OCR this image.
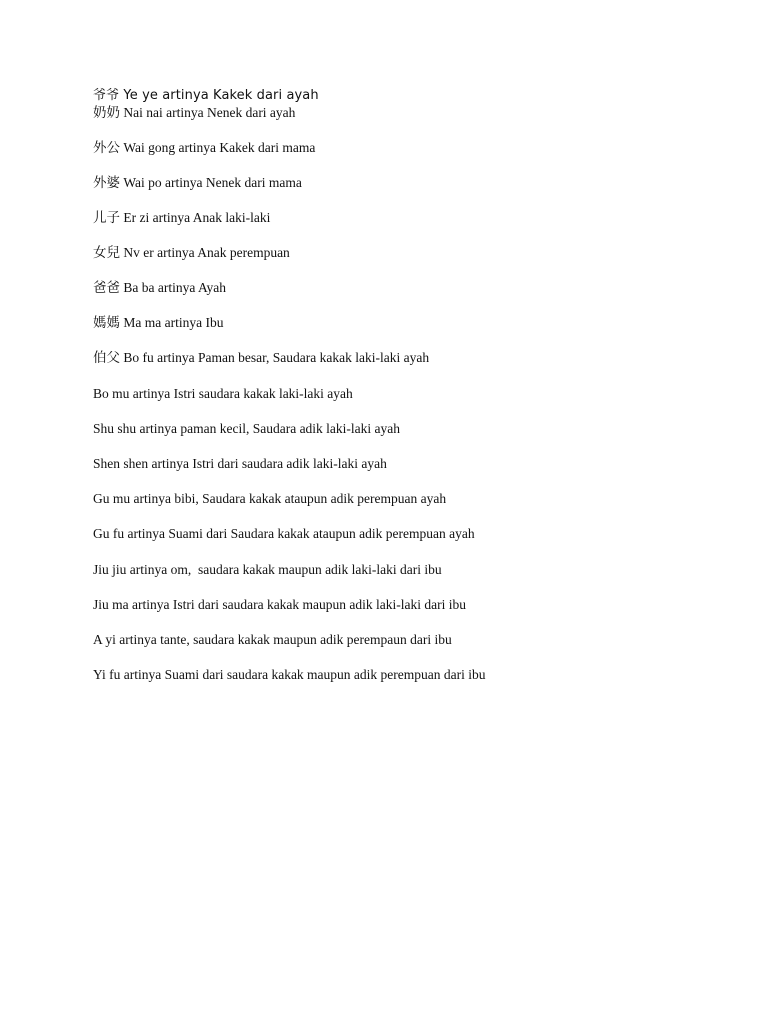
爷爷 Ye ye artinya Kakek dari ayah
奶奶 Nai nai artinya Nenek dari ayah
外公 Wai gong artinya Kakek dari mama
外婆 Wai po artinya Nenek dari mama
儿子 Er zi artinya Anak laki-laki
女兒 Nv er artinya Anak perempuan
爸爸 Ba ba artinya Ayah
媽媽 Ma ma artinya Ibu
伯父 Bo fu artinya Paman besar, Saudara kakak laki-laki ayah
Bo mu artinya Istri saudara kakak laki-laki ayah
Shu shu artinya paman kecil, Saudara adik laki-laki ayah
Shen shen artinya Istri dari saudara adik laki-laki ayah
Gu mu artinya bibi, Saudara kakak ataupun adik perempuan ayah
Gu fu artinya Suami dari Saudara kakak ataupun adik perempuan ayah
Jiu jiu artinya om,  saudara kakak maupun adik laki-laki dari ibu
Jiu ma artinya Istri dari saudara kakak maupun adik laki-laki dari ibu
A yi artinya tante, saudara kakak maupun adik perempaun dari ibu
Yi fu artinya Suami dari saudara kakak maupun adik perempuan dari ibu
